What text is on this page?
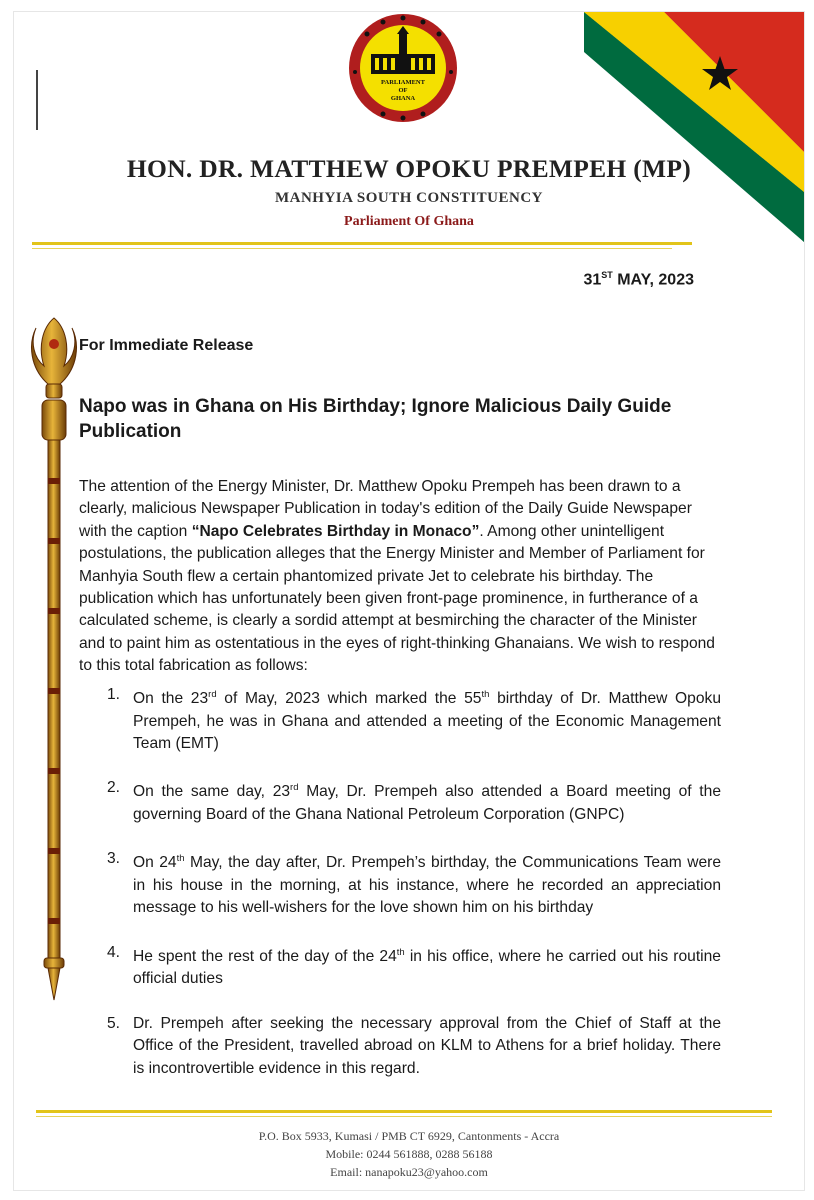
PARLIAMENT
OF
GHANA
HON. DR. MATTHEW OPOKU PREMPEH (MP)
MANHYIA SOUTH CONSTITUENCY
Parliament Of Ghana
31ST MAY, 2023
For Immediate Release
Napo was in Ghana on His Birthday; Ignore Malicious Daily Guide Publication
The attention of the Energy Minister, Dr. Matthew Opoku Prempeh has been drawn to a clearly, malicious Newspaper Publication in today's edition of the Daily Guide Newspaper with the caption “Napo Celebrates Birthday in Monaco”. Among other unintelligent postulations, the publication alleges that the Energy Minister and Member of Parliament for Manhyia South flew a certain phantomized private Jet to celebrate his birthday. The publication which has unfortunately been given front-page prominence, in furtherance of a calculated scheme, is clearly a sordid attempt at besmirching the character of the Minister and to paint him as ostentatious in the eyes of right-thinking Ghanaians. We wish to respond to this total fabrication as follows:
1. On the 23rd of May, 2023 which marked the 55th birthday of Dr. Matthew Opoku Prempeh, he was in Ghana and attended a meeting of the Economic Management Team (EMT)
2. On the same day, 23rd May, Dr. Prempeh also attended a Board meeting of the governing Board of the Ghana National Petroleum Corporation (GNPC)
3. On 24th May, the day after, Dr. Prempeh’s birthday, the Communications Team were in his house in the morning, at his instance, where he recorded an appreciation message to his well-wishers for the love shown him on his birthday
4. He spent the rest of the day of the 24th in his office, where he carried out his routine official duties
5. Dr. Prempeh after seeking the necessary approval from the Chief of Staff at the Office of the President, travelled abroad on KLM to Athens for a brief holiday. There is incontrovertible evidence in this regard.
P.O. Box 5933, Kumasi / PMB CT 6929, Cantonments - Accra
Mobile: 0244 561888, 0288 56188
Email: nanapoku23@yahoo.com
